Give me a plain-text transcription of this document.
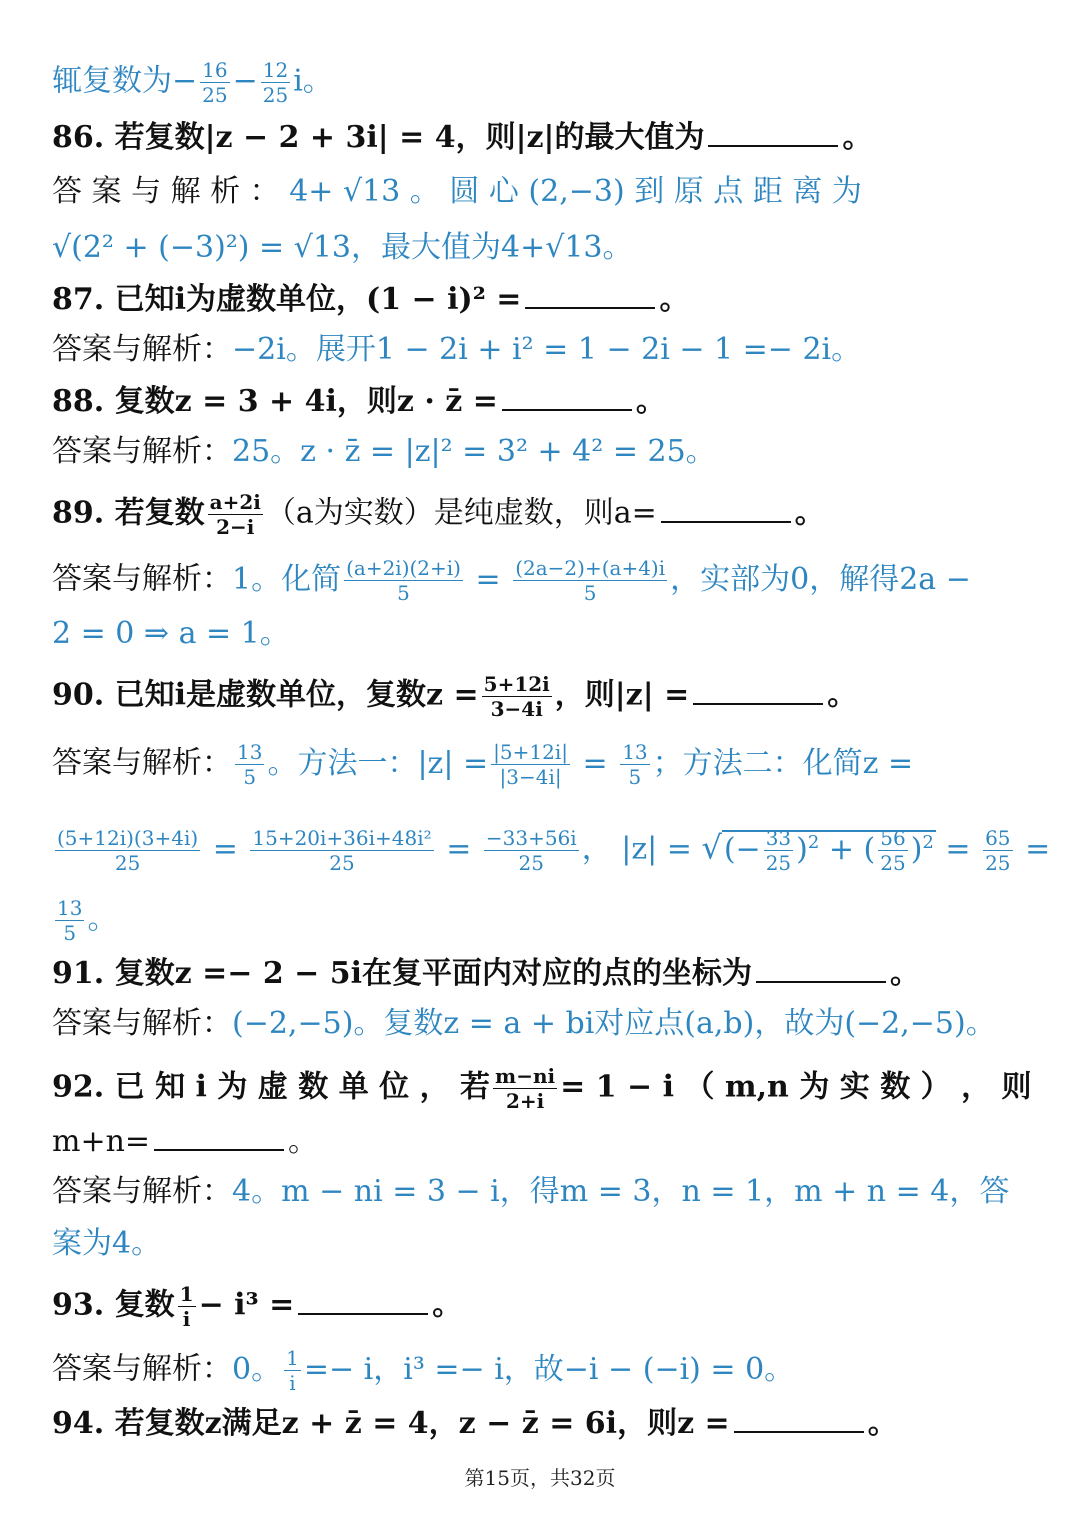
辄复数为− $\frac{16}{25} - \frac{12}{25}$ i。
86. 若复数|z − 2 + 3i| = 4，则|z|的最大值为	。
答 案 与 解 析 ： 4+ √13 。 圆 心 (2,−3) 到 原 点 距 离 为
√(2² + (−3)²) = √13，最大值为4+√13。
87. 已知i为虚数单位，(1 − i)² =	。
答案与解析：−2i。展开1 − 2i + i² = 1 − 2i − 1 =− 2i。
88. 复数z = 3 + 4i，则z · z̄ =	。
答案与解析：25。z · z̄ = |z|² = 3² + 4² = 25。
89. 若复数 $\frac{a+2i}{2-i} (a$为实数）是纯虚数，则a=	。
答案与解析：1。化简 $\frac{(a+2i)(2+i)}{5} = \frac{(2a-2)+(a+4)i}{5}$ ，实部为0，解得2a −
2 = 0 ⇒ a = 1。
90. 已知i是虚数单位，复数$z = \frac{5+12i}{3-4i}$ ，则|z| =	。
答案与解析： $\frac{13}{5}$ 。方法一：$|z| = \frac{|5+12i|}{|3-4i|} = \frac{13}{5}$ ；方法二：化简z =
$\frac{(5+12i)(3+4i)}{25} = \frac{\text{15+20i+36i+48i²}}{25} = \frac{-33+56i}{25}$ ， |z| = √(− $\frac{33}{25} )^2$ + ( $\frac{56}{25} )^2 = \frac{65}{25}$ =
$\frac{13}{5}$ 。
91. 复数z =− 2 − 5i在复平面内对应的点的坐标为	。
答案与解析：(−2,−5)。复数z = a + bi对应点(a,b)，故为(−2,−5)。
92. 已 知 i 为 虚 数 单 位 ， 若 $\frac{m-ni}{2+i} = 1 - i$ （ m,n 为 实 数 ） ， 则
m+n=	。
答案与解析：4。m − ni = 3 − i，得m = 3，n = 1，m + n = 4，答
案为4。
93. 复数 $\frac{1}{i} - i^3$ =	。
答案与解析：0。 $\frac{1}{i} =- i$，i³ =− i，故−i − (−i) = 0。
94. 若复数z满足z + z̄ = 4，z − z̄ = 6i，则z =	。
第15页，共32页
